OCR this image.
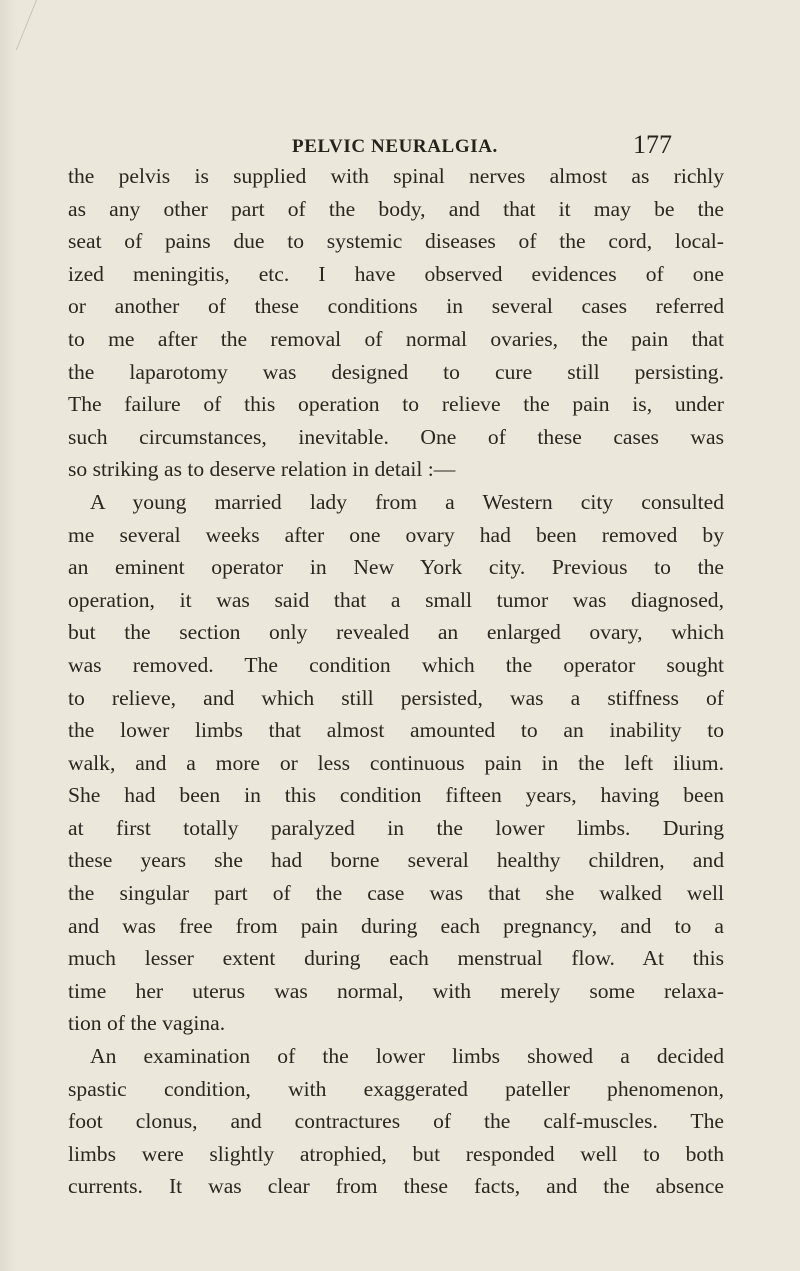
PELVIC NEURALGIA.	177
the pelvis is supplied with spinal nerves almost as richly
as any other part of the body, and that it may be the
seat of pains due to systemic diseases of the cord, local-
ized meningitis, etc. I have observed evidences of one
or another of these conditions in several cases referred
to me after the removal of normal ovaries, the pain that
the laparotomy was designed to cure still persisting.
The failure of this operation to relieve the pain is, under
such circumstances, inevitable. One of these cases was
so striking as to deserve relation in detail :—
A young married lady from a Western city consulted
me several weeks after one ovary had been removed by
an eminent operator in New York city. Previous to the
operation, it was said that a small tumor was diagnosed,
but the section only revealed an enlarged ovary, which
was removed. The condition which the operator sought
to relieve, and which still persisted, was a stiffness of
the lower limbs that almost amounted to an inability to
walk, and a more or less continuous pain in the left ilium.
She had been in this condition fifteen years, having been
at first totally paralyzed in the lower limbs. During
these years she had borne several healthy children, and
the singular part of the case was that she walked well
and was free from pain during each pregnancy, and to a
much lesser extent during each menstrual flow. At this
time her uterus was normal, with merely some relaxa-
tion of the vagina.
An examination of the lower limbs showed a decided
spastic condition, with exaggerated pateller phenomenon,
foot clonus, and contractures of the calf-muscles. The
limbs were slightly atrophied, but responded well to both
currents. It was clear from these facts, and the absence
